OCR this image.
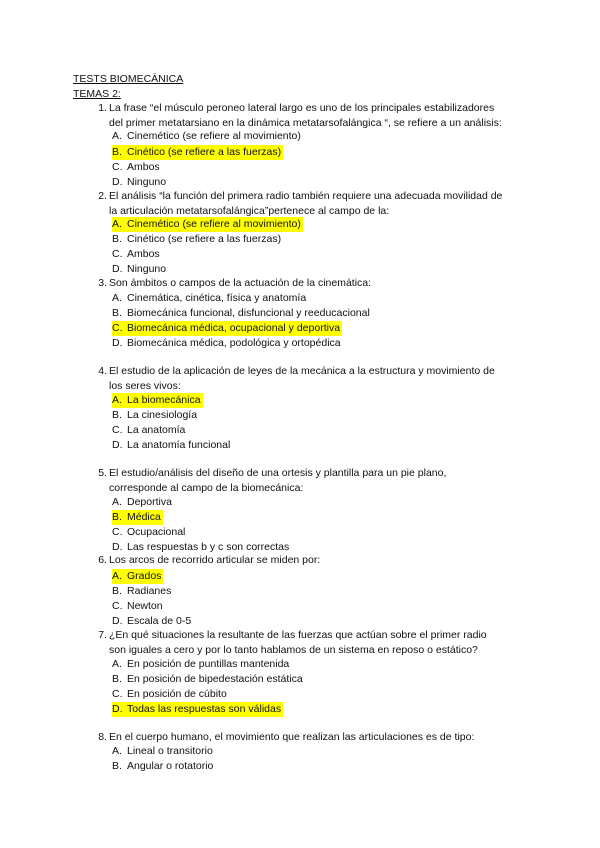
TESTS BIOMECÁNICA
TEMAS 2:
1. La frase “el músculo peroneo lateral largo es uno de los principales estabilizadores
del primer metatarsiano en la dinámica metatarsofalángica “, se refiere a un análisis:
A. Cinemético (se refiere al movimiento)
B. Cinético (se refiere a las fuerzas)
C. Ambos
D. Ninguno
2. El análisis “la función del primera radio también requiere una adecuada movilidad de
la articulación metatarsofalángica”pertenece al campo de la:
A. Cinemético (se refiere al movimiento)
B. Cinético (se refiere a las fuerzas)
C. Ambos
D. Ninguno
3. Son ámbitos o campos de la actuación de la cinemática:
A. Cinemática, cinética, física y anatomía
B. Biomecánica funcional, disfuncional y reeducacional
C. Biomecánica médica, ocupacional y deportiva
D. Biomecánica médica, podológica y ortopédica
4. El estudio de la aplicación de leyes de la mecánica a la estructura y movimiento de
los seres vivos:
A. La biomecánica
B. La cinesiología
C. La anatomía
D. La anatomía funcional
5. El estudio/análisis del diseño de una ortesis y plantilla para un pie plano,
corresponde al campo de la biomecánica:
A. Deportiva
B. Médica
C. Ocupacional
D. Las respuestas b y c son correctas
6. Los arcos de recorrido articular se miden por:
A. Grados
B. Radianes
C. Newton
D. Escala de 0-5
7. ¿En qué situaciones la resultante de las fuerzas que actúan sobre el primer radio
son iguales a cero y por lo tanto hablamos de un sistema en reposo o estático?
A. En posición de puntillas mantenida
B. En posición de bipedestación estática
C. En posición de cúbito
D. Todas las respuestas son válidas
8. En el cuerpo humano, el movimiento que realizan las articulaciones es de tipo:
A. Lineal o transitorio
B. Angular o rotatorio
